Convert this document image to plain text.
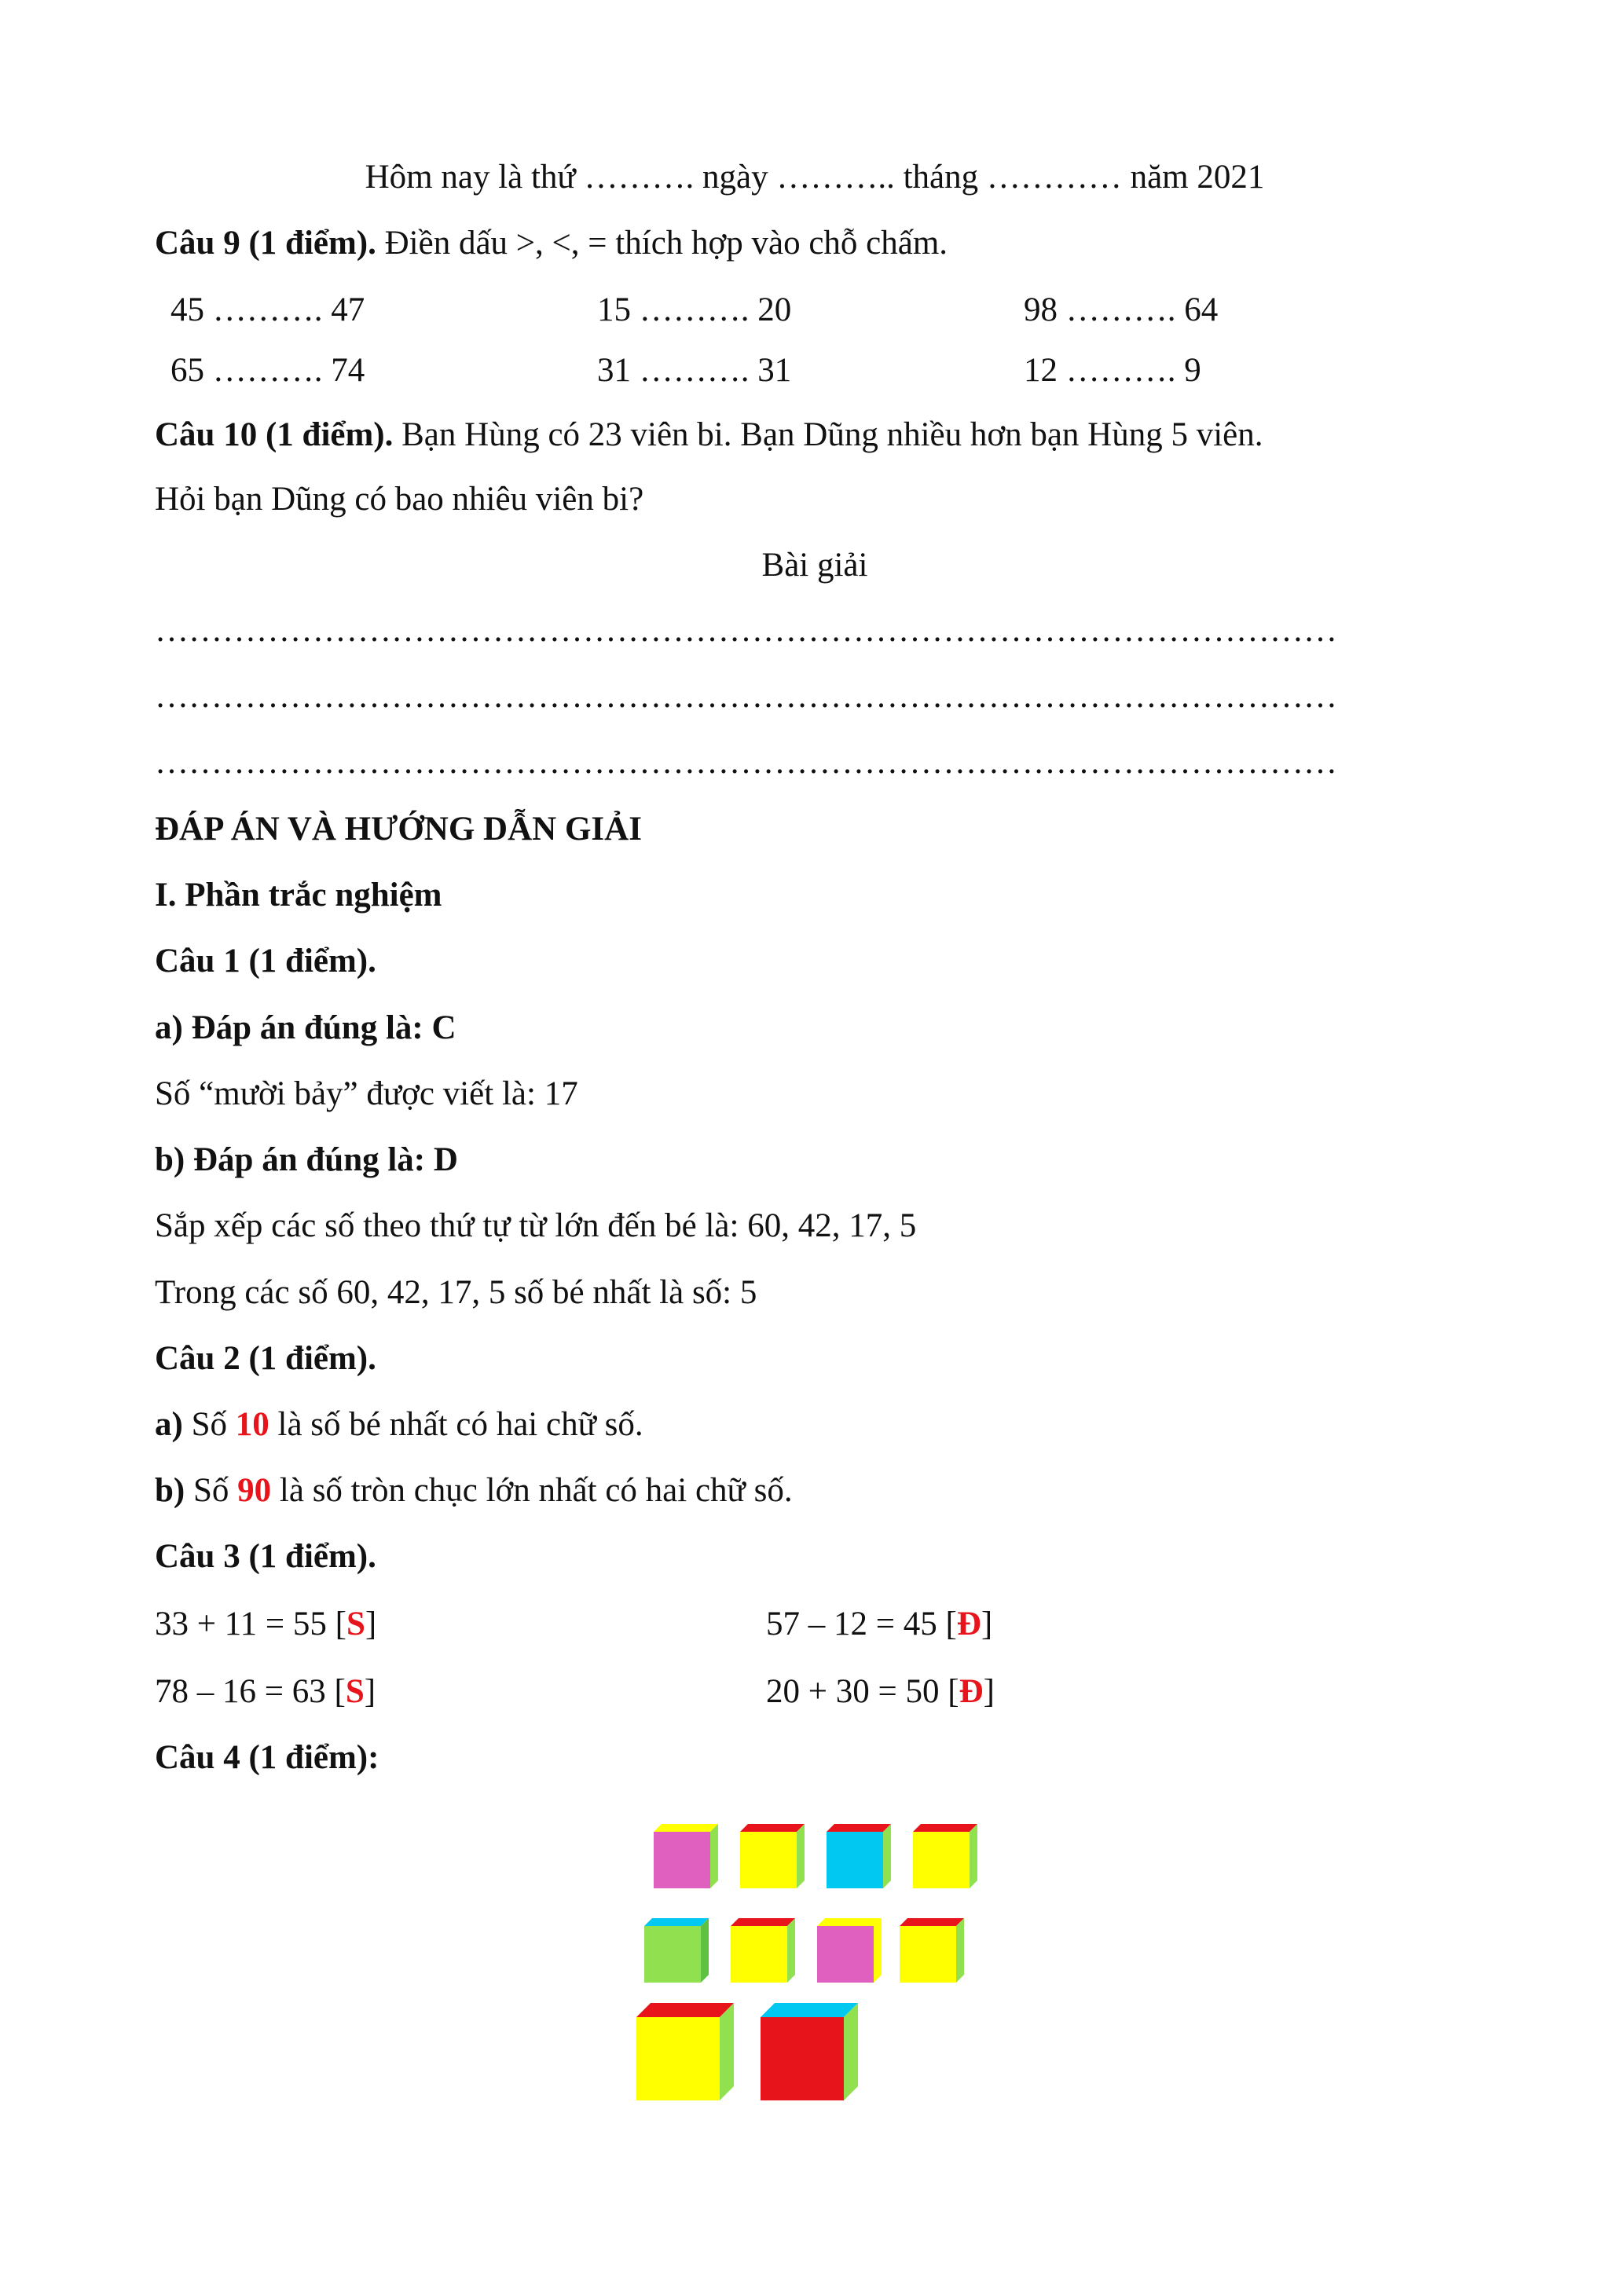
Hôm nay là thứ ………. ngày ……….. tháng ………… năm 2021
Câu 9 (1 điểm). Điền dấu >, <, = thích hợp vào chỗ chấm.
45 ………. 47	15 ………. 20	98 ………. 64
65 ………. 74	31 ………. 31	12 ………. 9
Câu 10 (1 điểm). Bạn Hùng có 23 viên bi. Bạn Dũng nhiều hơn bạn Hùng 5 viên.
Hỏi bạn Dũng có bao nhiêu viên bi?
Bài giải
……………………………………………………………………………………………
……………………………………………………………………………………………
……………………………………………………………………………………………
ĐÁP ÁN VÀ HƯỚNG DẪN GIẢI
I. Phần trắc nghiệm
Câu 1 (1 điểm).
a) Đáp án đúng là: C
Số “mười bảy” được viết là: 17
b) Đáp án đúng là: D
Sắp xếp các số theo thứ tự từ lớn đến bé là: 60, 42, 17, 5
Trong các số 60, 42, 17, 5 số bé nhất là số: 5
Câu 2 (1 điểm).
a) Số 10 là số bé nhất có hai chữ số.
b) Số 90 là số tròn chục lớn nhất có hai chữ số.
Câu 3 (1 điểm).
33 + 11 = 55 [S]	57 – 12 = 45 [Đ]
78 – 16 = 63 [S]	20 + 30 = 50 [Đ]
Câu 4 (1 điểm):
